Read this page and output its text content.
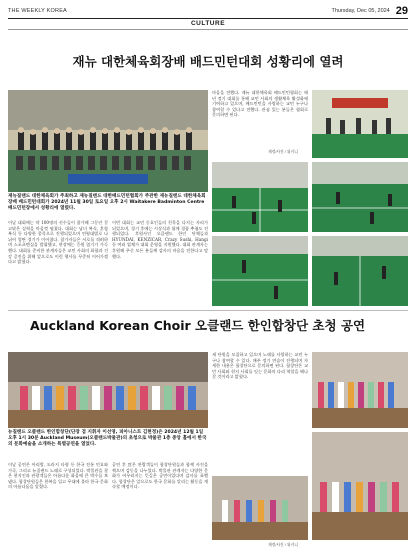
THE WEEKLY KOREA	Thursday, Dec 05, 2024 29
CULTURE
재뉴 대한체육회장배 배드민턴대회 성황리에 열려
재뉴질랜드 대한체육회가 주최하고 재뉴질랜드 대한배드민턴협회가 주관한 재뉴질랜드 대한체육회장배 배드민턴대회가 2024년 11월 30일 토요일 오후 2시 Waitakere Badminton Centre 배드민턴장에서 성황리에 열렸다.
이날 대회에는 약 100명의 선수들이 참가해 그동안 갈고닦은 실력을 마음껏 펼쳤다. 대회는 남녀 복식, 혼합 복식 등 다양한 종목으로 진행되었으며 연령대별로 나뉘어 열띤 경기가 이어졌다. 참가자들은 서로를 격려하며 스포츠맨십을 발휘했고, 현장에는 응원 열기가 가득했다. 대회를 준비한 관계자들은 교민 사회의 화합과 건강 증진을 위해 앞으로도 이런 행사를 꾸준히 이어가겠다고 밝혔다.
이번 대회는 교민 동호인들의 친목을 다지는 자리가 되었으며, 경기 후에는 시상식과 함께 경품 추첨도 진행되었다. 후원사인 오클랜드 한인 단체들과 HYUNDAI, KENZICAR, Crazy Sushi, Hangi 등 여러 업체가 대회 운영을 지원했다. 대회 관계자는 후원해 주신 모든 분들께 감사의 마음을 전한다고 말했다.
마음을 전했다. 재뉴 대한체육회 배드민턴협회는 매년 정기 대회를 통해 교민 사회의 생활체육 활성화에 기여하고 있으며, 배드민턴을 사랑하는 교민 누구나 참여할 수 있다고 전했다. 관심 있는 분들은 협회로 문의하면 된다.
재정/사진 / 위키니
Auckland Korean Choir 오클랜드 한인합창단 초청 공연
뉴질랜드 오클랜드 한인합창단(단장 겸 지휘자 이선영, 피아니스트 김현정)은 2024년 12월 1일 오후 1시 30분 Auckland Museum(오클랜드박물관)의 초청으로 박물관 1층 중앙 홀에서 한국의 문화예술을 소개하는 특별공연을 열었다.
이날 공연은 아리랑, 도라지 타령 등 한국 전통 민요와 가곡, 그리고 뉴질랜드 노래로 구성되었다. 박물관을 찾은 현지인과 관광객들은 아름다운 화음에 큰 박수를 보냈다. 합창단원들은 한복을 입고 무대에 올라 한국 문화의 아름다움을 알렸다.
공연 후 많은 관람객들이 합창단원들과 함께 사진을 찍으며 감동을 나누었다. 박물관 관계자는 다양한 문화가 어우러지는 뜻깊은 공연이었다며 감사를 표했다. 합창단은 앞으로도 한국 문화를 알리는 활동을 계속할 예정이다.
새 단원을 모집하고 있으며 노래를 사랑하는 교민 누구나 참여할 수 있다. 매주 정기 연습이 진행되며 자세한 내용은 합창단으로 문의하면 된다. 합창단은 교민 사회와 현지 사회를 잇는 문화의 다리 역할을 해나갈 것이라고 밝혔다.
재정/사진 / 위키니
